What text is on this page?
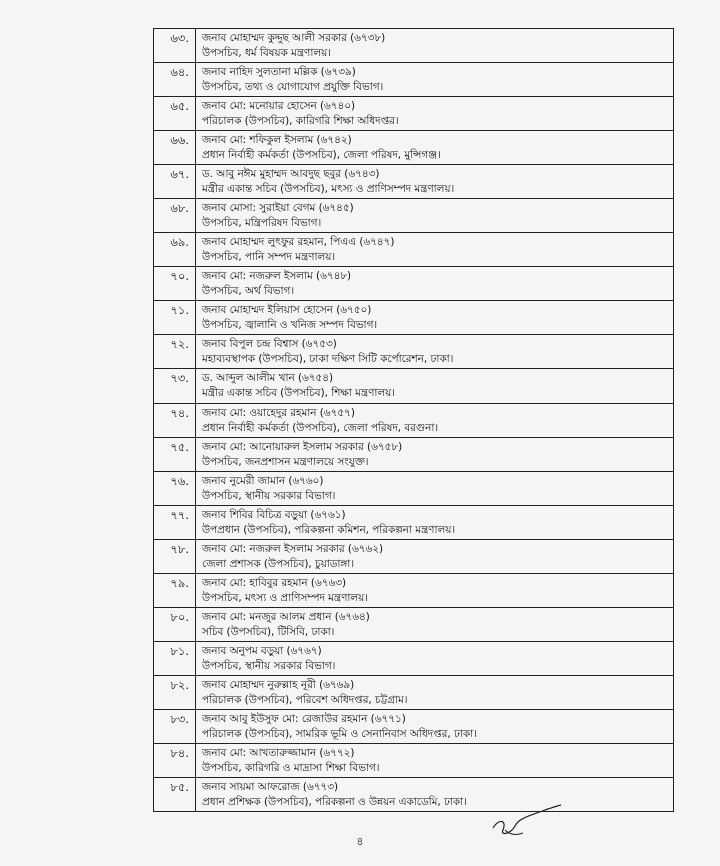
৬৩.	জনাব মোহাম্মদ কুদ্দুছ আলী সরকার (৬৭৩৮)
উপসচিব, ধর্ম বিষয়ক মন্ত্রণালয়।
৬৪.	জনাব নাহিদ সুলতানা মল্লিক (৬৭৩৯)
উপসচিব, তথ্য ও যোগাযোগ প্রযুক্তি বিভাগ।
৬৫.	জনাব মো: মনোয়ার হোসেন (৬৭৪০)
পরিচালক (উপসচিব), কারিগরি শিক্ষা অধিদপ্তর।
৬৬.	জনাব মো: শফিকুল ইসলাম (৬৭৪২)
প্রধান নির্বাহী কর্মকর্তা (উপসচিব), জেলা পরিষদ, মুন্সিগঞ্জ।
৬৭.	ড. আবু নঈম মুহাম্মদ আবদুছ ছবুর (৬৭৪৩)
মন্ত্রীর একান্ত সচিব (উপসচিব), মৎস্য ও প্রাণিসম্পদ মন্ত্রণালয়।
৬৮.	জনাব মোসা: সুরাইয়া বেগম (৬৭৪৫)
উপসচিব, মন্ত্রিপরিষদ বিভাগ।
৬৯.	জনাব মোহাম্মদ লুৎফুর রহমান, পিএএ (৬৭৪৭)
উপসচিব, পানি সম্পদ মন্ত্রণালয়।
৭০.	জনাব মো: নজরুল ইসলাম (৬৭৪৮)
উপসচিব, অর্থ বিভাগ।
৭১.	জনাব মোহাম্মদ ইলিয়াস হোসেন (৬৭৫০)
উপসচিব, জ্বালানি ও খনিজ সম্পদ বিভাগ।
৭২.	জনাব বিপুল চন্দ্র বিশ্বাস (৬৭৫৩)
মহাব্যবস্থাপক (উপসচিব), ঢাকা দক্ষিণ সিটি কর্পোরেশন, ঢাকা।
৭৩.	ড. আব্দুল আলীম খান (৬৭৫৪)
মন্ত্রীর একান্ত সচিব (উপসচিব), শিক্ষা মন্ত্রণালয়।
৭৪.	জনাব মো: ওয়াহেদুর রহমান (৬৭৫৭)
প্রধান নির্বাহী কর্মকর্তা (উপসচিব), জেলা পরিষদ, বরগুনা।
৭৫.	জনাব মো: আনোয়ারুল ইসলাম সরকার (৬৭৫৮)
উপসচিব, জনপ্রশাসন মন্ত্রণালয়ে সংযুক্ত।
৭৬.	জনাব নুমেরী জামান (৬৭৬০)
উপসচিব, স্থানীয় সরকার বিভাগ।
৭৭.	জনাব শিবির বিচিত্র বড়ুয়া (৬৭৬১)
উপপ্রধান (উপসচিব), পরিকল্পনা কমিশন, পরিকল্পনা মন্ত্রণালয়।
৭৮.	জনাব মো: নজরুল ইসলাম সরকার (৬৭৬২)
জেলা প্রশাসক (উপসচিব), চুয়াডাঙ্গা।
৭৯.	জনাব মো: হাবিবুর রহমান (৬৭৬৩)
উপসচিব, মৎস্য ও প্রাণিসম্পদ মন্ত্রণালয়।
৮০.	জনাব মো: মনজুর আলম প্রধান (৬৭৬৪)
সচিব (উপসচিব), টিসিবি, ঢাকা।
৮১.	জনাব অনুপম বড়ুয়া (৬৭৬৭)
উপসচিব, স্থানীয় সরকার বিভাগ।
৮২.	জনাব মোহাম্মদ নুরুল্লাহ নূরী (৬৭৬৯)
পরিচালক (উপসচিব), পরিবেশ অধিদপ্তর, চট্টগ্রাম।
৮৩.	জনাব আবু ইউসুফ মো: রেজাউর রহমান (৬৭৭১)
পরিচালক (উপসচিব), সামরিক ভূমি ও সেনানিবাস অধিদপ্তর, ঢাকা।
৮৪.	জনাব মো: আখতারুজ্জামান (৬৭৭২)
উপসচিব, কারিগরি ও মাদ্রাসা শিক্ষা বিভাগ।
৮৫.	জনাব সায়মা আফরোজ (৬৭৭৩)
প্রধান প্রশিক্ষক (উপসচিব), পরিকল্পনা ও উন্নয়ন একাডেমি, ঢাকা।
৪
